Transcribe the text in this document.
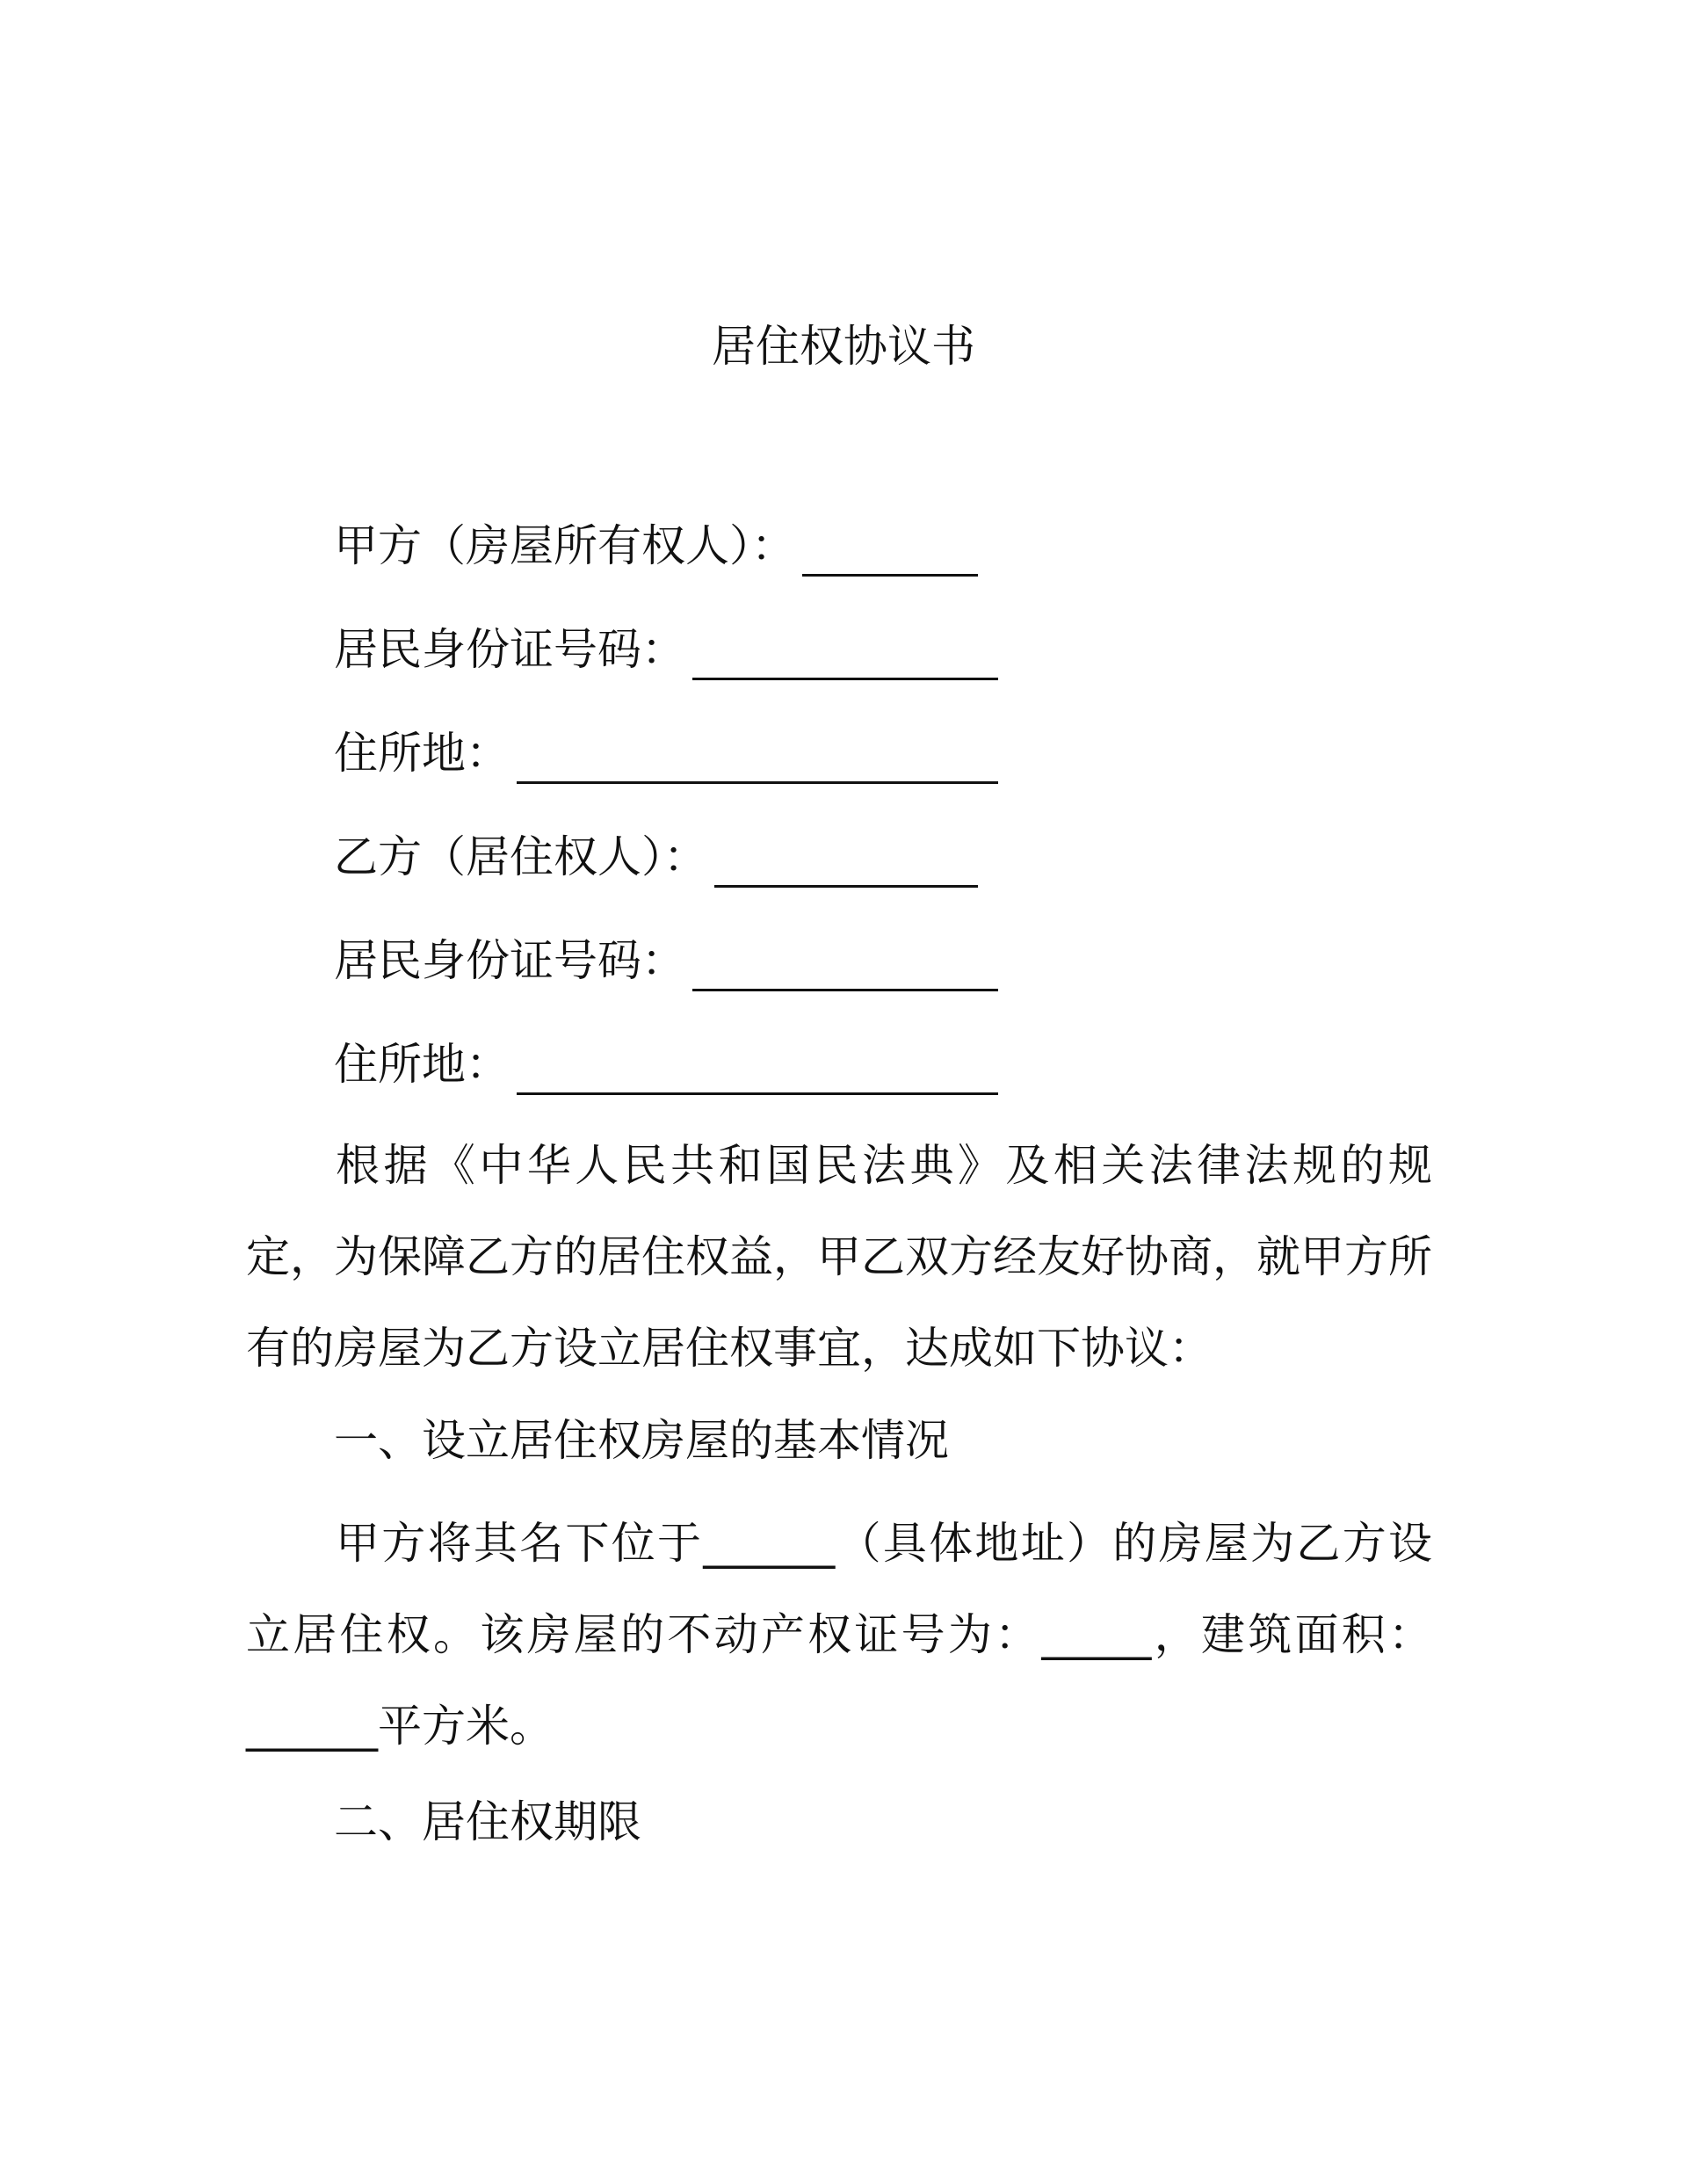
居住权协议书
甲方（房屋所有权人）：
居民身份证号码：
住所地：
乙方（居住权人）：
居民身份证号码：
住所地：
根据《中华人民共和国民法典》及相关法律法规的规定，为保障乙方的居住权益，甲乙双方经友好协商，就甲方所有的房屋为乙方设立居住权事宜，达成如下协议：
一、设立居住权房屋的基本情况
甲方将其名下位于______（具体地址）的房屋为乙方设立居住权。该房屋的不动产权证号为：_____，建筑面积：______平方米。
二、居住权期限
